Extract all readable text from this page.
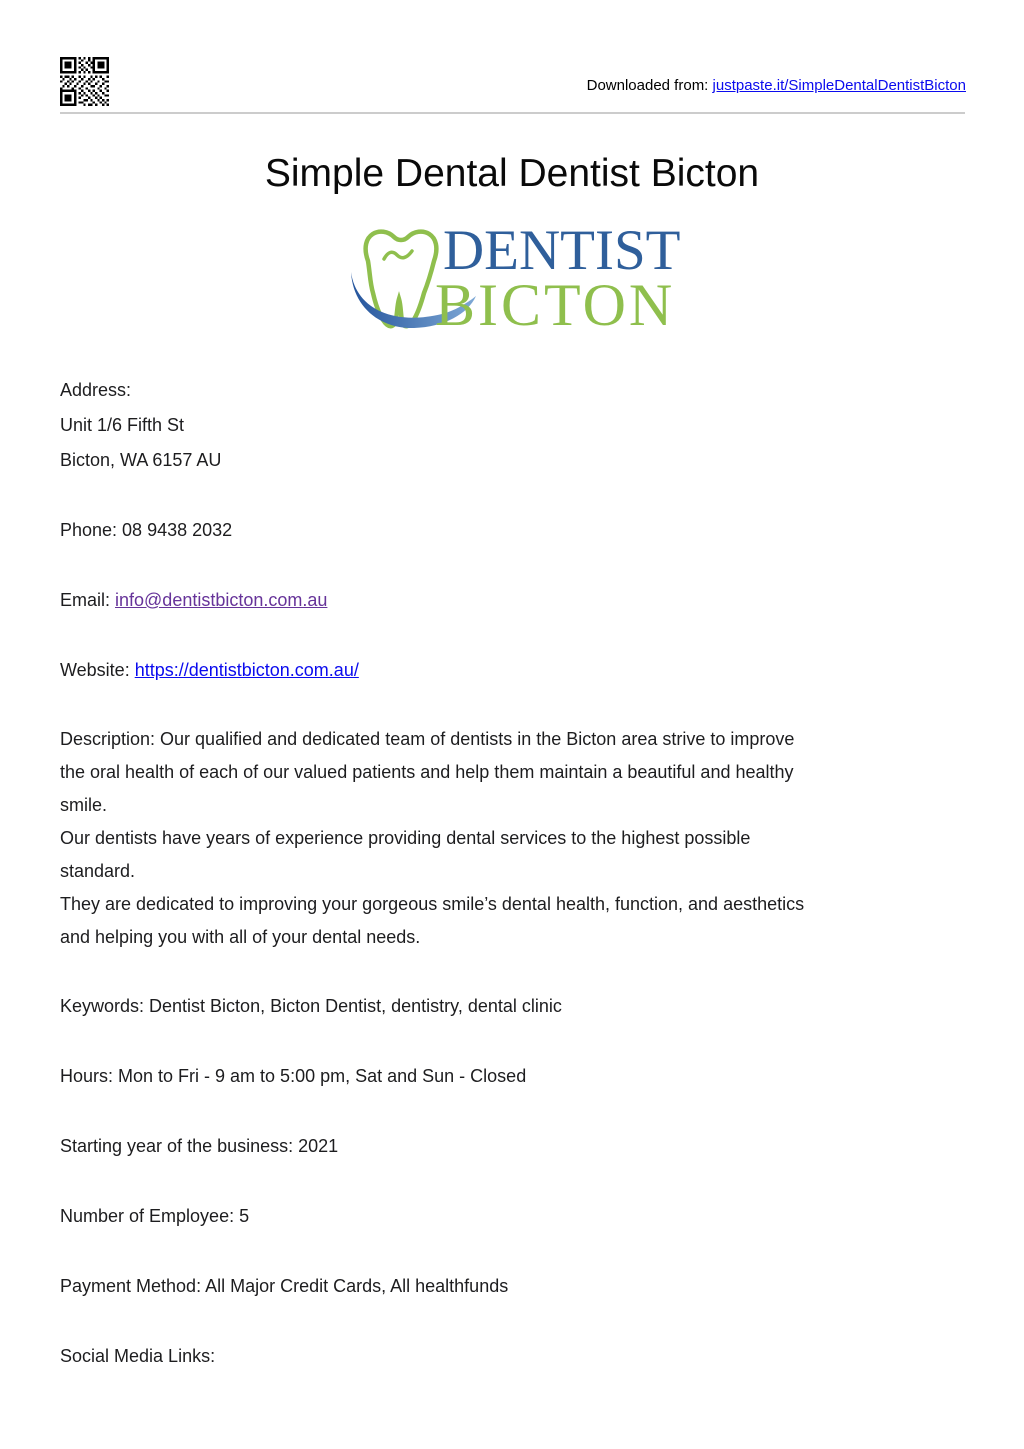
Downloaded from: justpaste.it/SimpleDentalDentistBicton
Simple Dental Dentist Bicton
DENTIST
BICTON
Address:
Unit 1/6 Fifth St
Bicton, WA 6157 AU
Phone: 08 9438 2032
Email: info@dentistbicton.com.au
Website: https://dentistbicton.com.au/
Description: Our qualified and dedicated team of dentists in the Bicton area strive to improve
the oral health of each of our valued patients and help them maintain a beautiful and healthy
smile.
Our dentists have years of experience providing dental services to the highest possible
standard.
They are dedicated to improving your gorgeous smile’s dental health, function, and aesthetics
and helping you with all of your dental needs.
Keywords: Dentist Bicton, Bicton Dentist, dentistry, dental clinic
Hours: Mon to Fri - 9 am to 5:00 pm, Sat and Sun - Closed
Starting year of the business: 2021
Number of Employee: 5
Payment Method: All Major Credit Cards, All healthfunds
Social Media Links:
